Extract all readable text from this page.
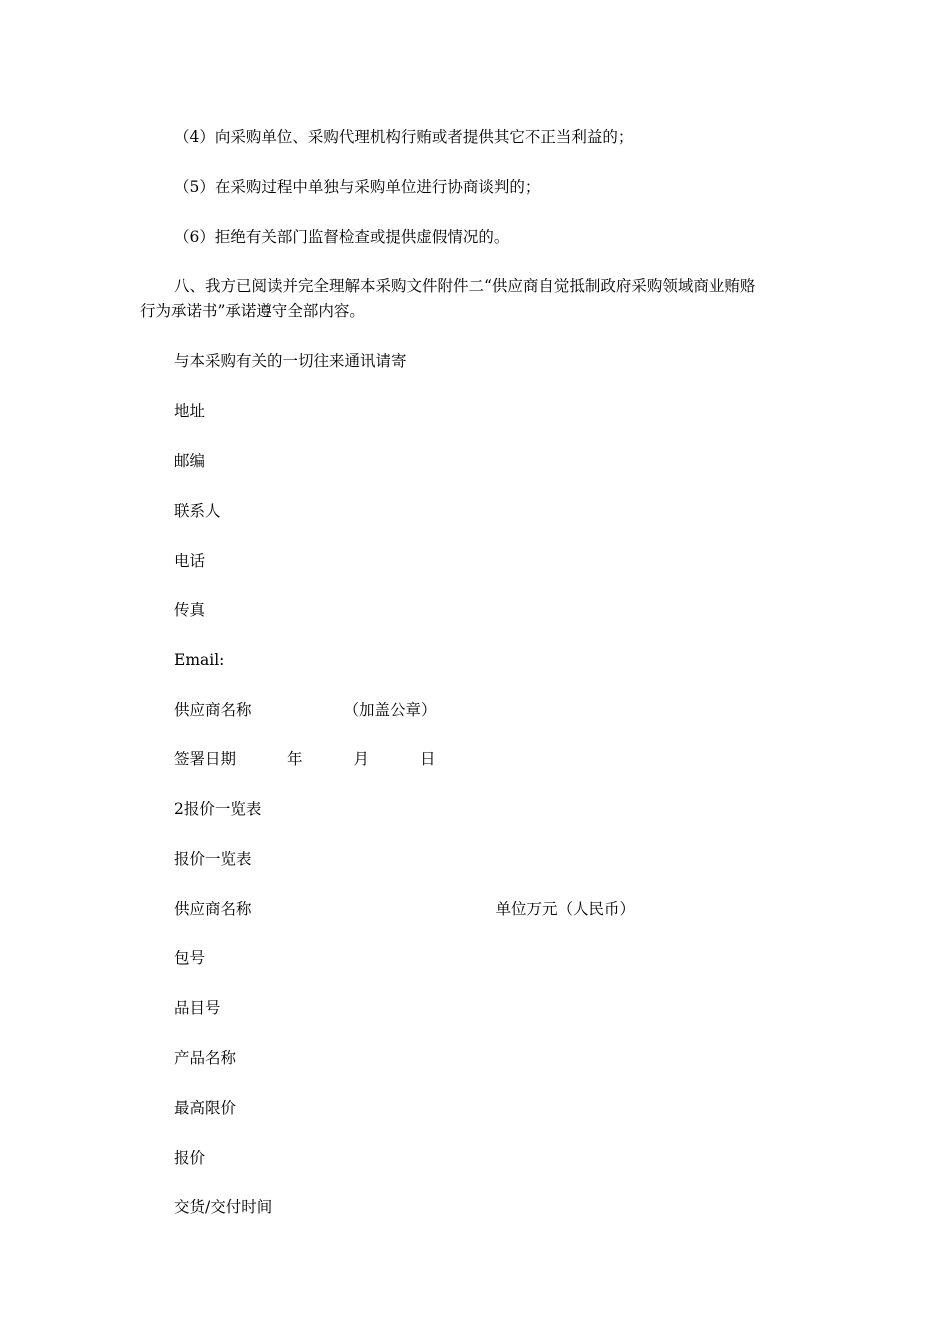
（4）向采购单位、采购代理机构行贿或者提供其它不正当利益的；
（5）在采购过程中单独与采购单位进行协商谈判的；
（6）拒绝有关部门监督检查或提供虚假情况的。
八、我方已阅读并完全理解本采购文件附件二“供应商自觉抵制政府采购领域商业贿赂
行为承诺书”承诺遵守全部内容。
与本采购有关的一切往来通讯请寄
地址
邮编
联系人
电话
传真
Email:
供应商名称	（加盖公章）
签署日期	年	月	日
2报价一览表
报价一览表
供应商名称	单位万元（人民币）
包号
品目号
产品名称
最高限价
报价
交货/交付时间
